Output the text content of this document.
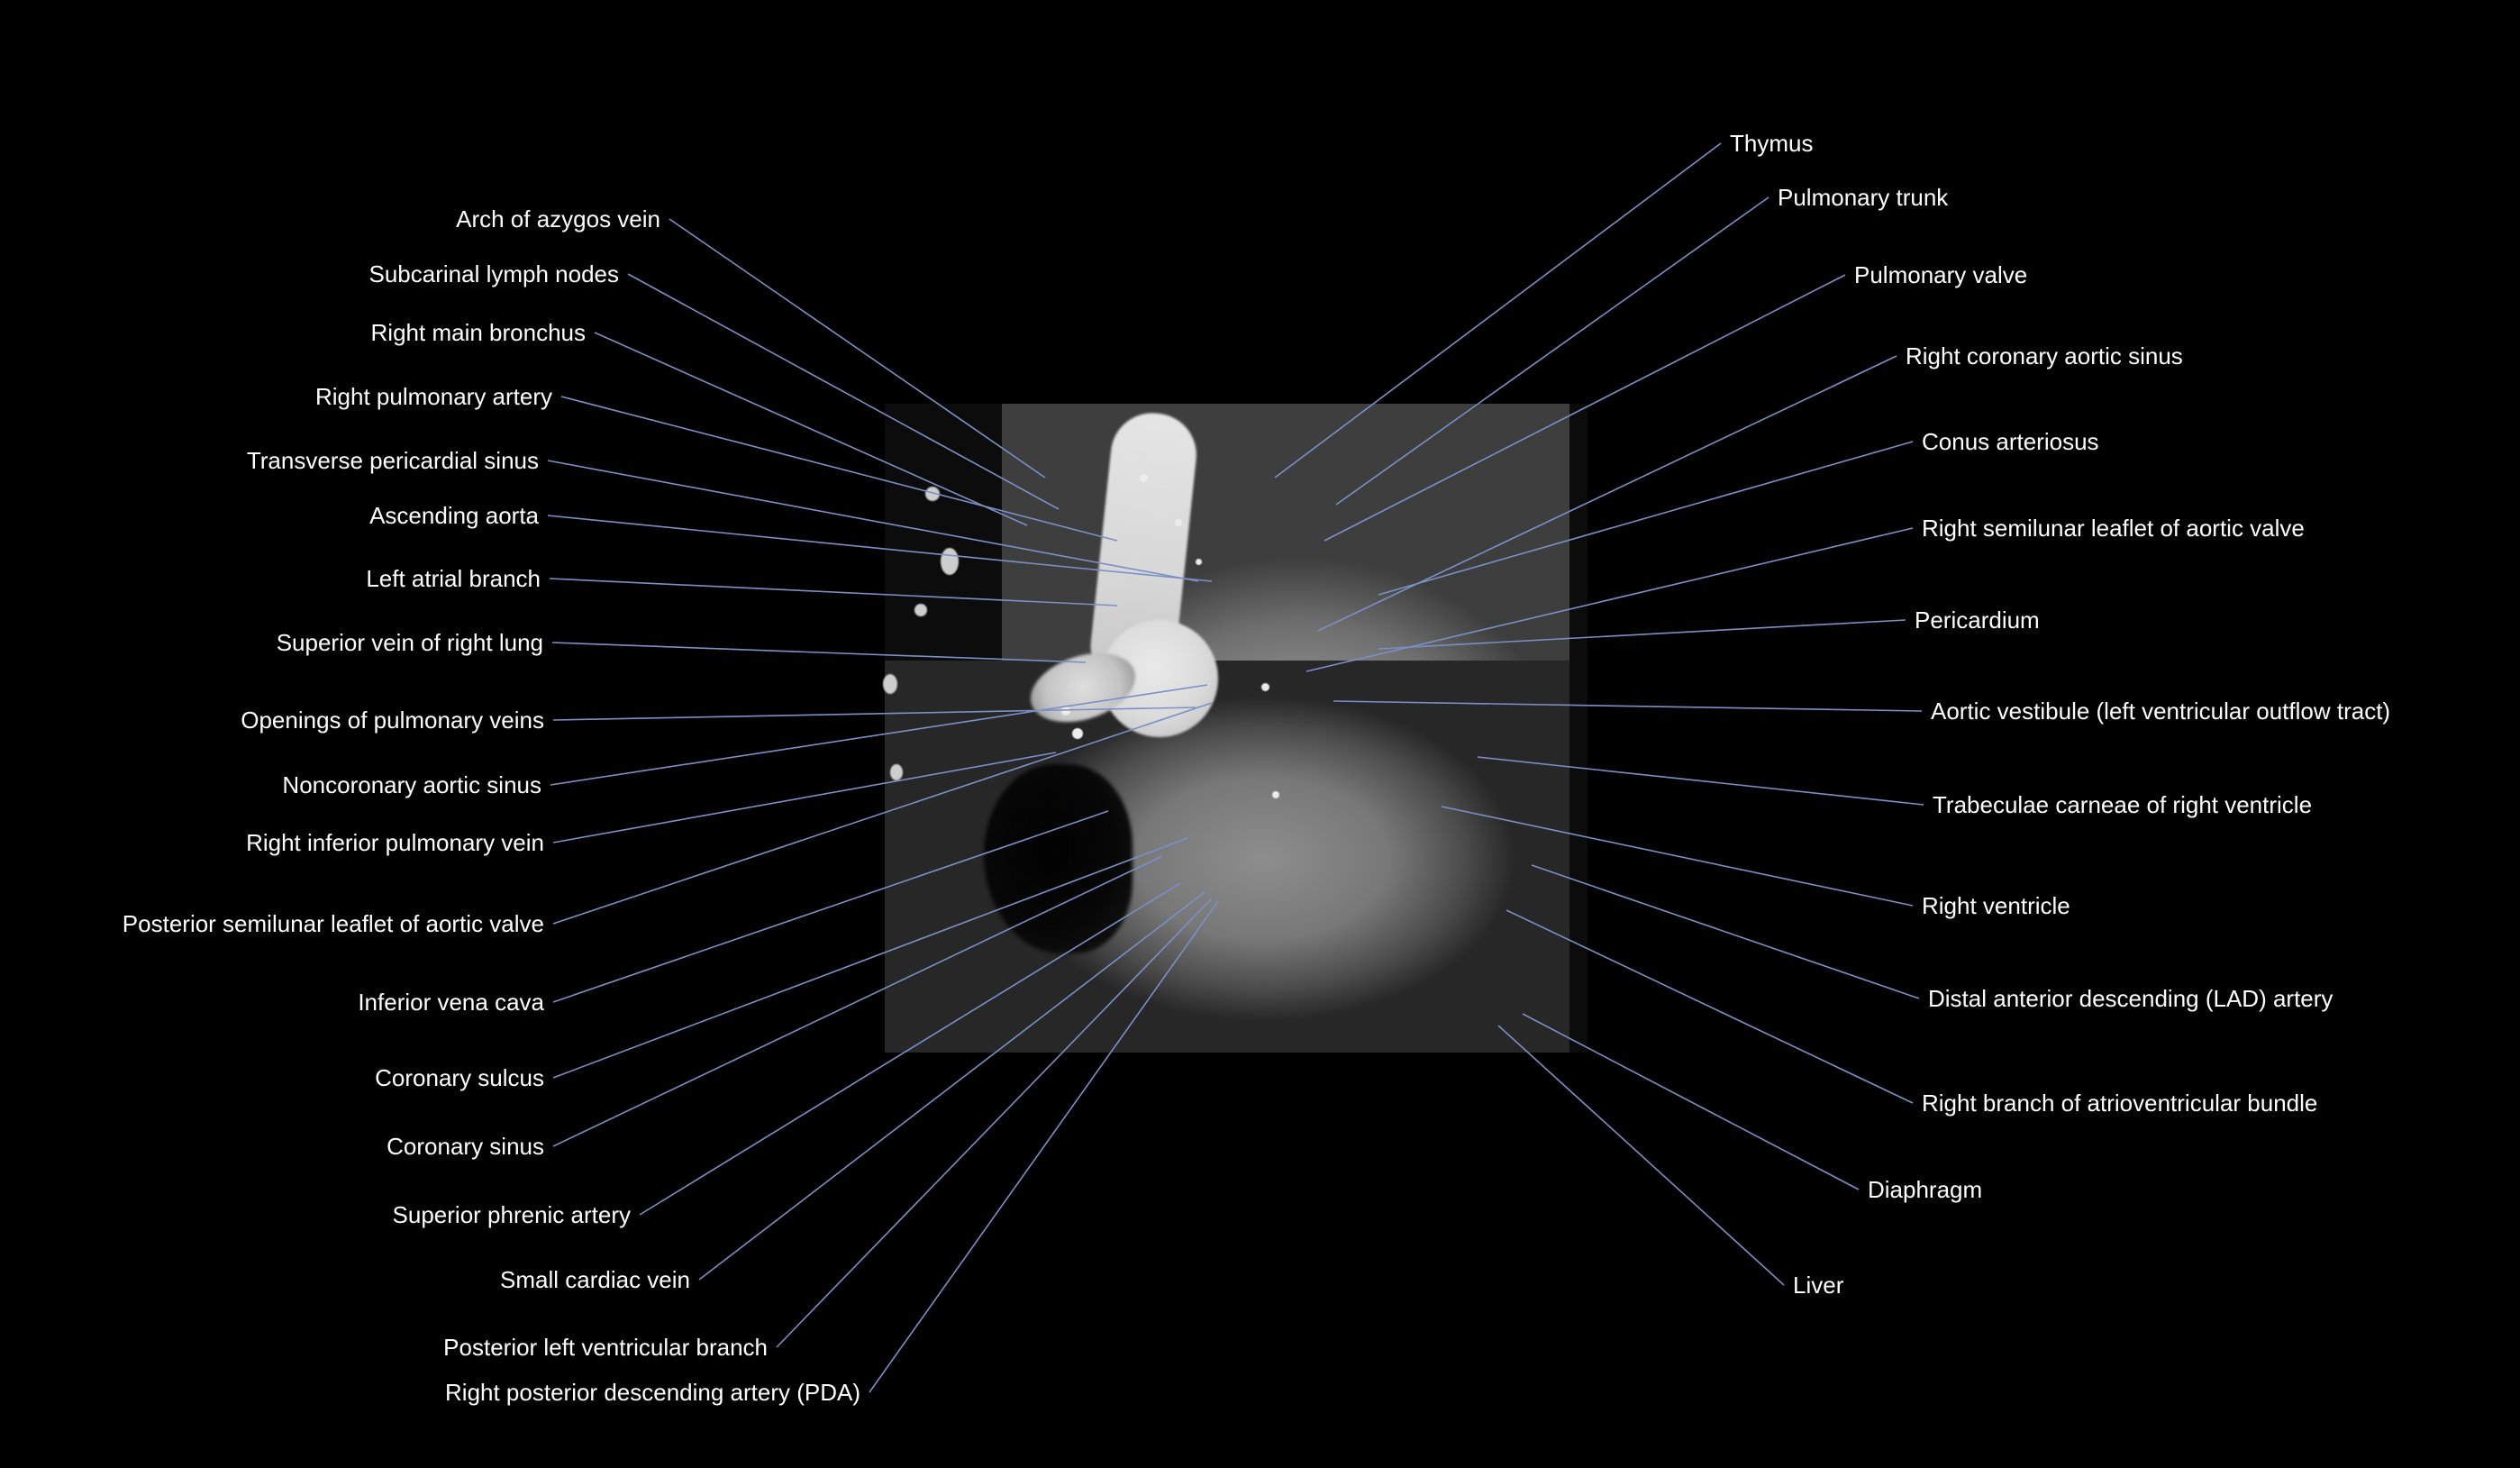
Arch of azygos vein
Subcarinal lymph nodes
Right main bronchus
Right pulmonary artery
Transverse pericardial sinus
Ascending aorta
Left atrial branch
Superior vein of right lung
Openings of pulmonary veins
Noncoronary aortic sinus
Right inferior pulmonary vein
Posterior semilunar leaflet of aortic valve
Inferior vena cava
Coronary sulcus
Coronary sinus
Superior phrenic artery
Small cardiac vein
Posterior left ventricular branch
Right posterior descending artery (PDA)
Thymus
Pulmonary trunk
Pulmonary valve
Right coronary aortic sinus
Conus arteriosus
Right semilunar leaflet of aortic valve
Pericardium
Aortic vestibule (left ventricular outflow tract)
Trabeculae carneae of right ventricle
Right ventricle
Distal anterior descending (LAD) artery
Right branch of atrioventricular bundle
Diaphragm
Liver
